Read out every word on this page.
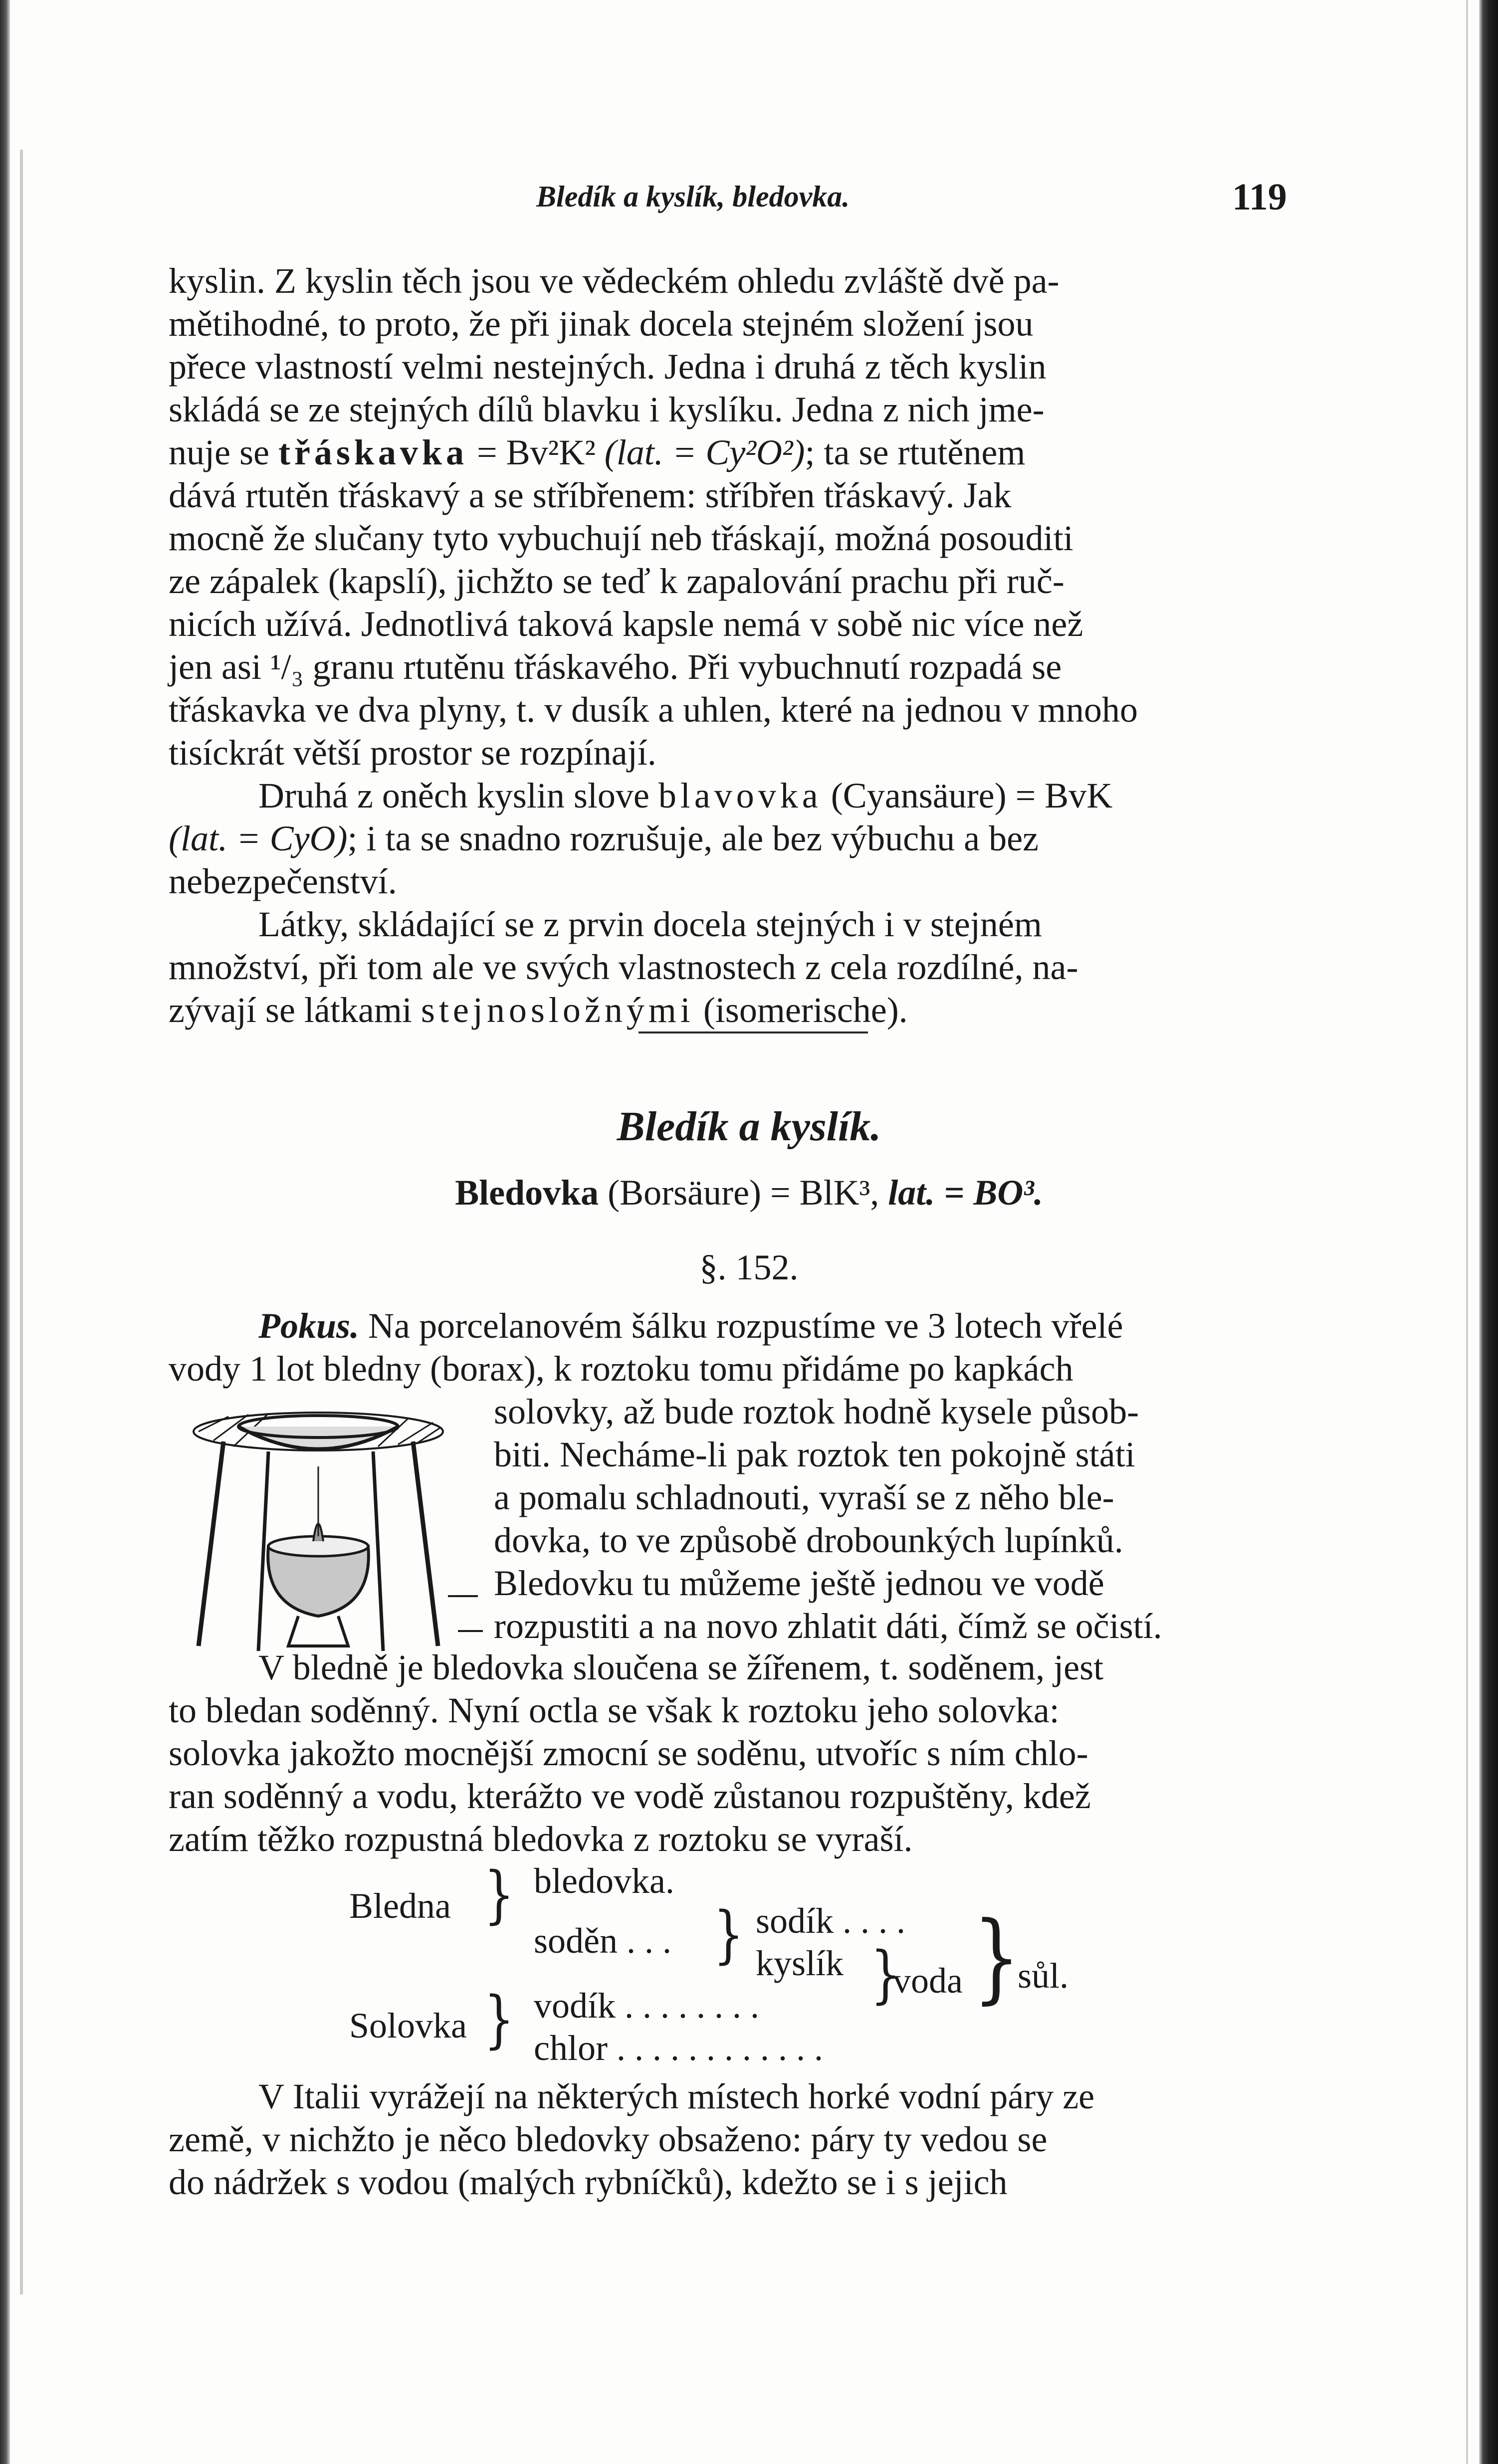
Bledík a kyslík, bledovka.	119

kyslin. Z kyslin těch jsou ve vědeckém ohledu zvláště dvě pa-
mětihodné, to proto, že při jinak docela stejném složení jsou
přece vlastností velmi nestejných. Jedna i druhá z těch kyslin
skládá se ze stejných dílů blavku i kyslíku. Jedna z nich jme-
nuje se třáskavka = Bv²K² (lat. = Cy²O²); ta se rtutěnem
dává rtutěn třáskavý a se stříbřenem: stříbřen třáskavý. Jak
mocně že slučany tyto vybuchují neb třáskají, možná posouditi
ze zápalek (kapslí), jichžto se teď k zapalování prachu při ruč-
nicích užívá. Jednotlivá taková kapsle nemá v sobě nic více než
jen asi ¹/₃ granu rtutěnu třáskavého. Při vybuchnutí rozpadá se
třáskavka ve dva plyny, t. v dusík a uhlen, které na jednou v mnoho
tisíckrát větší prostor se rozpínají.
Druhá z oněch kyslin slove blavovka (Cyansäure) = BvK
(lat. = CyO); i ta se snadno rozrušuje, ale bez výbuchu a bez
nebezpečenství.
Látky, skládající se z prvin docela stejných i v stejném
množství, při tom ale ve svých vlastnostech z cela rozdílné, na-
zývají se látkami stejnosložnými (isomerische).

Bledík a kyslík.
Bledovka (Borsäure) = BlK³, lat. = BO³.
§. 152.

Pokus. Na porcelanovém šálku rozpustíme ve 3 lotech vřelé
vody 1 lot bledny (borax), k roztoku tomu přidáme po kapkách

solovky, až bude roztok hodně kysele působ-
biti. Necháme-li pak roztok ten pokojně státi
a pomalu schladnouti, vyraší se z něho ble-
dovka, to ve způsobě drobounkých lupínků.
Bledovku tu můžeme ještě jednou ve vodě
rozpustiti a na novo zhlatit dáti, čímž se očistí.

V bledně je bledovka sloučena se žířenem, t. soděnem, jest
to bledan soděnný. Nyní octla se však k roztoku jeho solovka:
solovka jakožto mocnější zmocní se soděnu, utvoříc s ním chlo-
ran soděnný a vodu, kterážto ve vodě zůstanou rozpuštěny, kdež
zatím těžko rozpustná bledovka z roztoku se vyraší.

Bledna } bledovka.
soděn . . . } sodík . . . .
kyslík }
voda }
sůl.
Solovka } vodík . . . . . . . .
chlor . . . . . . . . . . . .

V Italii vyrážejí na některých místech horké vodní páry ze
země, v nichžto je něco bledovky obsaženo: páry ty vedou se
do nádržek s vodou (malých rybníčků), kdežto se i s jejich
